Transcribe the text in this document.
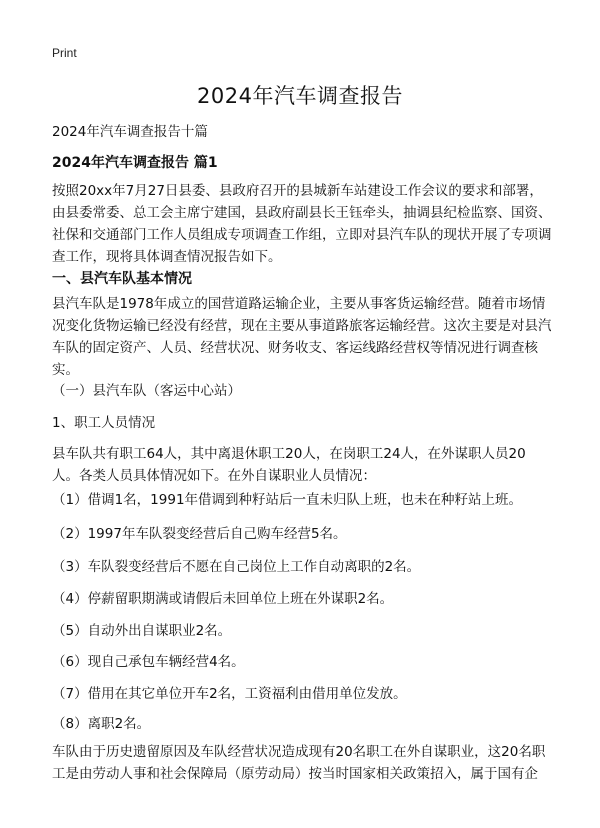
Print
2024年汽车调查报告
2024年汽车调查报告十篇
2024年汽车调查报告 篇1

按照20xx年7月27日县委、县政府召开的县城新车站建设工作会议的要求和部署，由县委常委、总工会主席宁建国，县政府副县长王钰牵头，抽调县纪检监察、国资、社保和交通部门工作人员组成专项调查工作组，立即对县汽车队的现状开展了专项调查工作，现将具体调查情况报告如下。

一、县汽车队基本情况

县汽车队是1978年成立的国营道路运输企业，主要从事客货运输经营。随着市场情况变化货物运输已经没有经营，现在主要从事道路旅客运输经营。这次主要是对县汽车队的固定资产、人员、经营状况、财务收支、客运线路经营权等情况进行调查核实。

（一）县汽车队（客运中心站）
1、职工人员情况

县车队共有职工64人，其中离退休职工20人，在岗职工24人，在外谋职人员20人。各类人员具体情况如下。在外自谋职业人员情况：

（1）借调1名，1991年借调到种籽站后一直未归队上班，也未在种籽站上班。
（2）1997年车队裂变经营后自己购车经营5名。
（3）车队裂变经营后不愿在自己岗位上工作自动离职的2名。
（4）停薪留职期满或请假后未回单位上班在外谋职2名。
（5）自动外出自谋职业2名。
（6）现自己承包车辆经营4名。
（7）借用在其它单位开车2名，工资福利由借用单位发放。
（8）离职2名。

车队由于历史遗留原因及车队经营状况造成现有20名职工在外自谋职业，这20名职工是由劳动人事和社会保障局（原劳动局）按当时国家相关政策招入，属于国有企
